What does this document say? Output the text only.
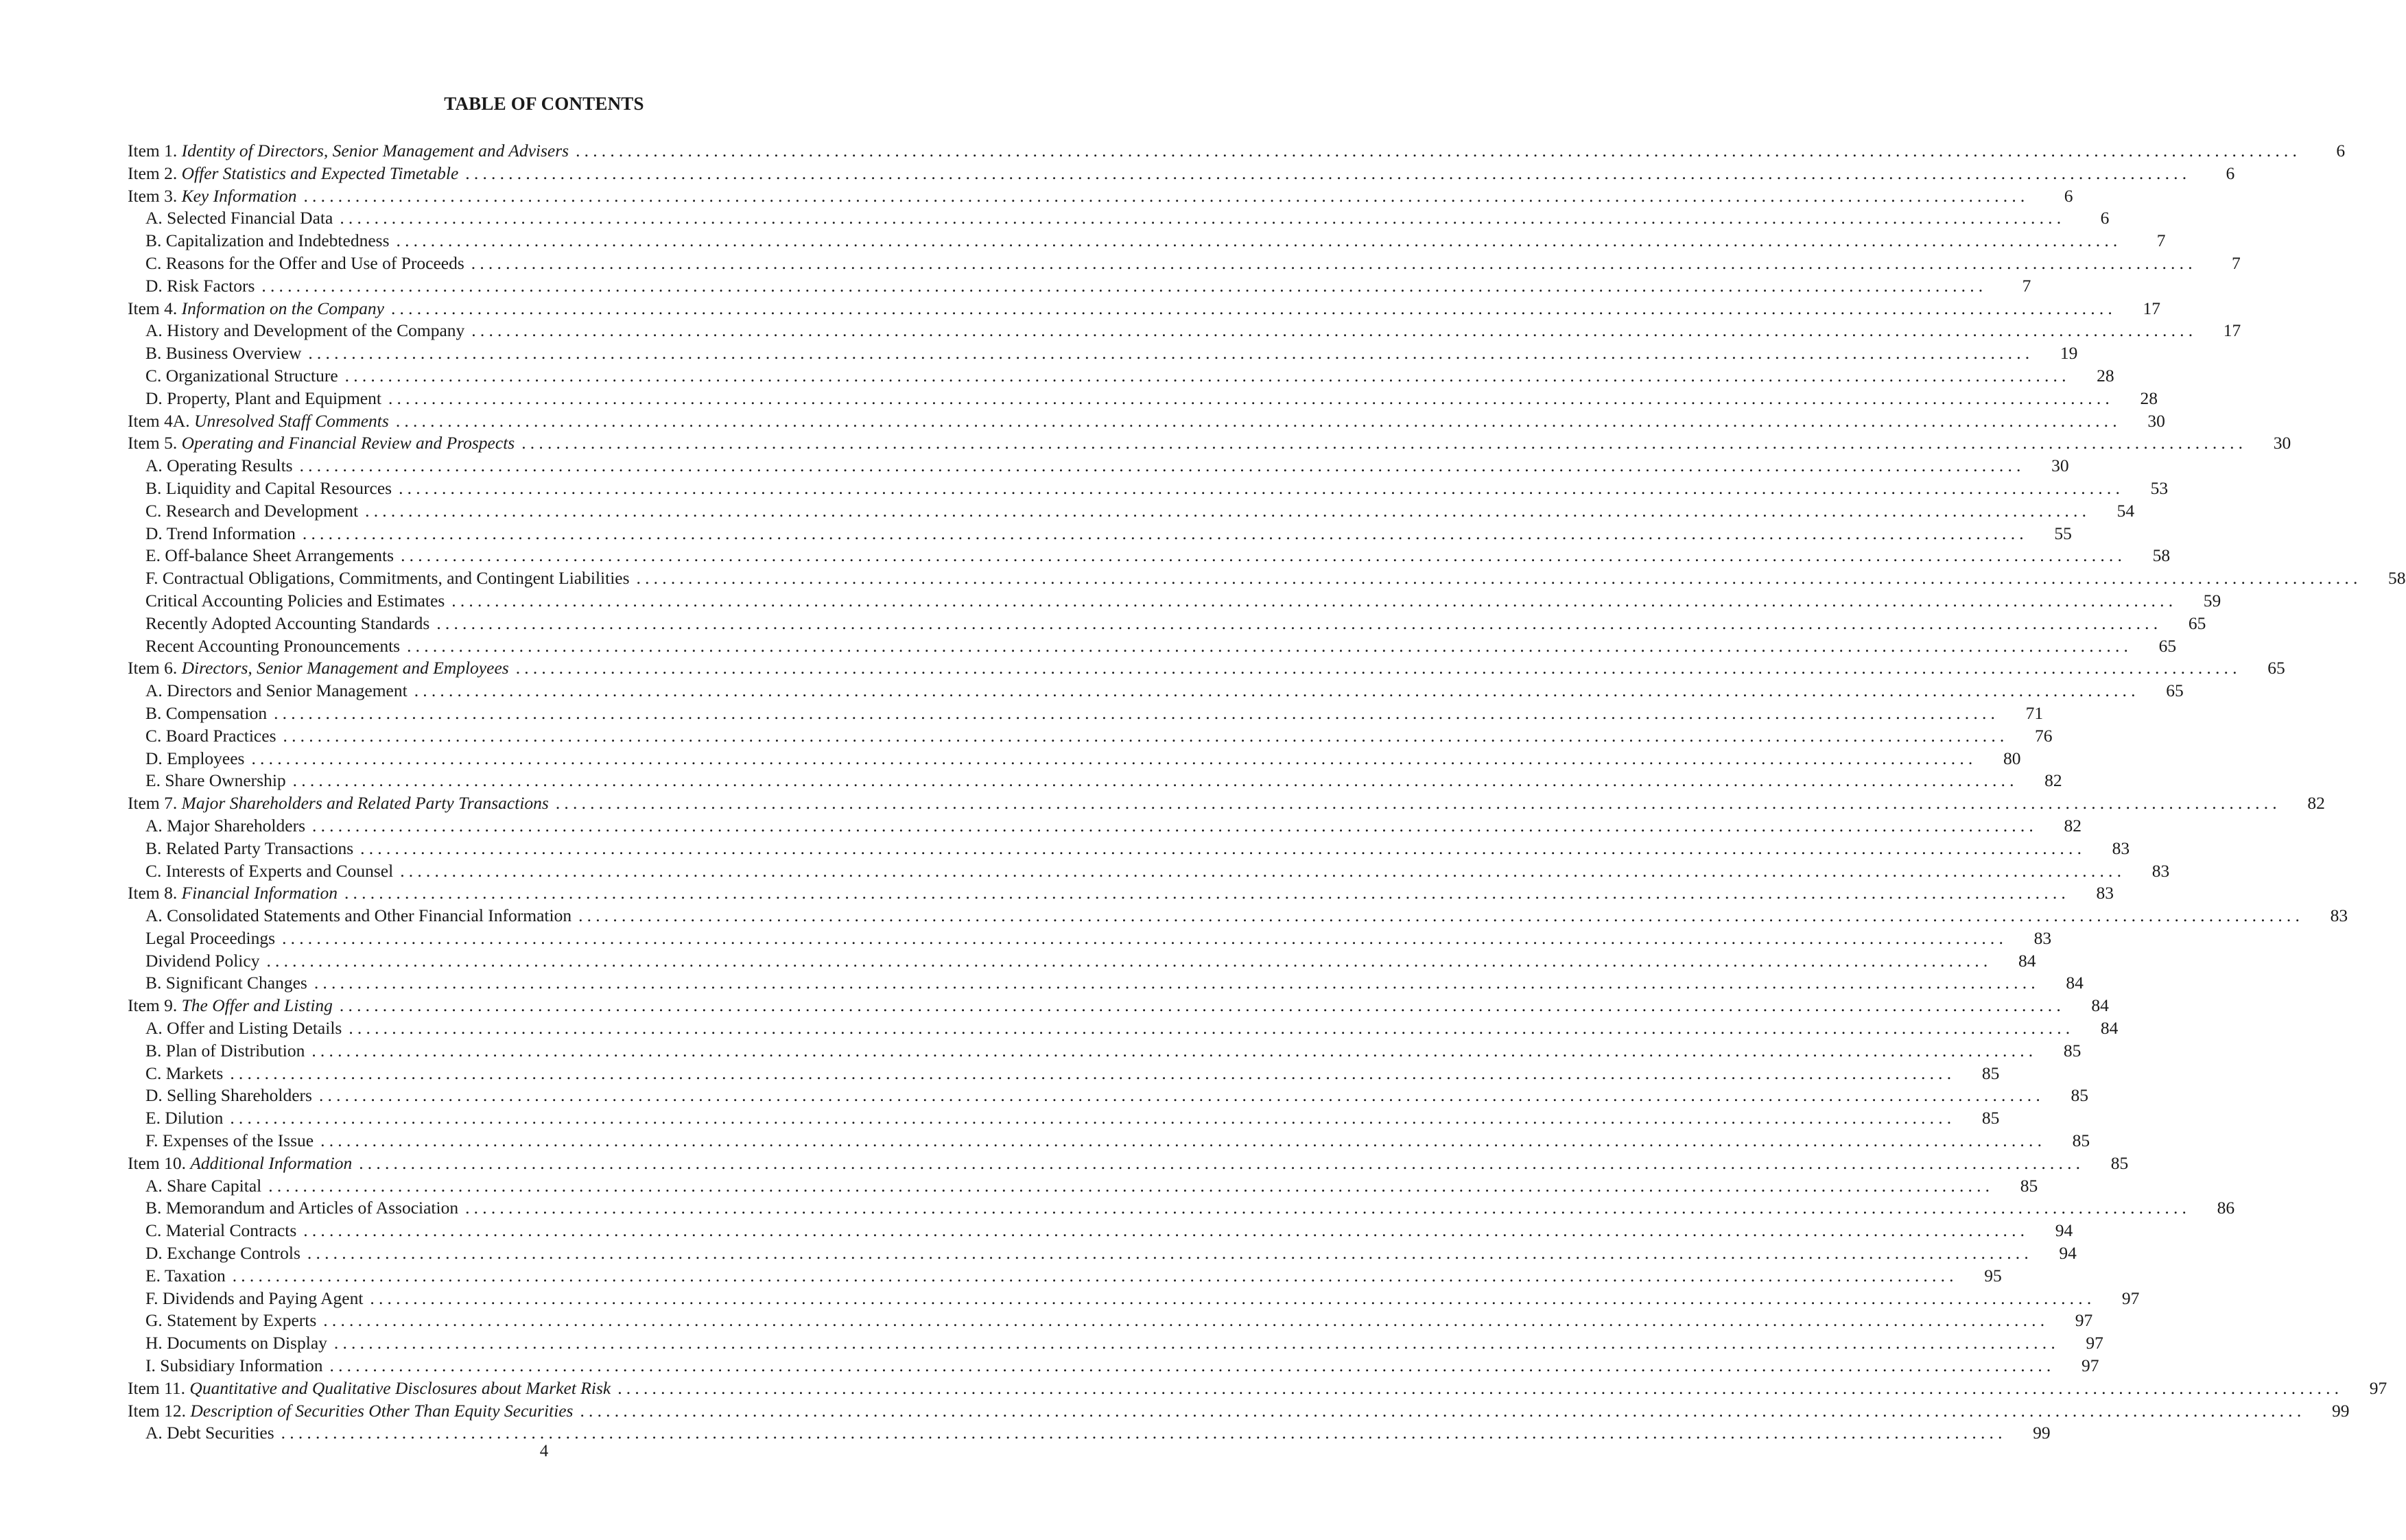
TABLE OF CONTENTS
Item 1. Identity of Directors, Senior Management and Advisers ........................................................................................................................................................................................................	6
Item 2. Offer Statistics and Expected Timetable ........................................................................................................................................................................................................	6
Item 3. Key Information ........................................................................................................................................................................................................	6
A. Selected Financial Data ........................................................................................................................................................................................................	6
B. Capitalization and Indebtedness ........................................................................................................................................................................................................	7
C. Reasons for the Offer and Use of Proceeds ........................................................................................................................................................................................................	7
D. Risk Factors ........................................................................................................................................................................................................	7
Item 4. Information on the Company ........................................................................................................................................................................................................	17
A. History and Development of the Company ........................................................................................................................................................................................................	17
B. Business Overview ........................................................................................................................................................................................................	19
C. Organizational Structure ........................................................................................................................................................................................................	28
D. Property, Plant and Equipment ........................................................................................................................................................................................................	28
Item 4A. Unresolved Staff Comments ........................................................................................................................................................................................................	30
Item 5. Operating and Financial Review and Prospects ........................................................................................................................................................................................................	30
A. Operating Results ........................................................................................................................................................................................................	30
B. Liquidity and Capital Resources ........................................................................................................................................................................................................	53
C. Research and Development ........................................................................................................................................................................................................	54
D. Trend Information ........................................................................................................................................................................................................	55
E. Off-balance Sheet Arrangements ........................................................................................................................................................................................................	58
F. Contractual Obligations, Commitments, and Contingent Liabilities ........................................................................................................................................................................................................	58
Critical Accounting Policies and Estimates ........................................................................................................................................................................................................	59
Recently Adopted Accounting Standards ........................................................................................................................................................................................................	65
Recent Accounting Pronouncements ........................................................................................................................................................................................................	65
Item 6. Directors, Senior Management and Employees ........................................................................................................................................................................................................	65
A. Directors and Senior Management ........................................................................................................................................................................................................	65
B. Compensation ........................................................................................................................................................................................................	71
C. Board Practices ........................................................................................................................................................................................................	76
D. Employees ........................................................................................................................................................................................................	80
E. Share Ownership ........................................................................................................................................................................................................	82
Item 7. Major Shareholders and Related Party Transactions ........................................................................................................................................................................................................	82
A. Major Shareholders ........................................................................................................................................................................................................	82
B. Related Party Transactions ........................................................................................................................................................................................................	83
C. Interests of Experts and Counsel ........................................................................................................................................................................................................	83
Item 8. Financial Information ........................................................................................................................................................................................................	83
A. Consolidated Statements and Other Financial Information ........................................................................................................................................................................................................	83
Legal Proceedings ........................................................................................................................................................................................................	83
Dividend Policy ........................................................................................................................................................................................................	84
B. Significant Changes ........................................................................................................................................................................................................	84
Item 9. The Offer and Listing ........................................................................................................................................................................................................	84
A. Offer and Listing Details ........................................................................................................................................................................................................	84
B. Plan of Distribution ........................................................................................................................................................................................................	85
C. Markets ........................................................................................................................................................................................................	85
D. Selling Shareholders ........................................................................................................................................................................................................	85
E. Dilution ........................................................................................................................................................................................................	85
F. Expenses of the Issue ........................................................................................................................................................................................................	85
Item 10. Additional Information ........................................................................................................................................................................................................	85
A. Share Capital ........................................................................................................................................................................................................	85
B. Memorandum and Articles of Association ........................................................................................................................................................................................................	86
C. Material Contracts ........................................................................................................................................................................................................	94
D. Exchange Controls ........................................................................................................................................................................................................	94
E. Taxation ........................................................................................................................................................................................................	95
F. Dividends and Paying Agent ........................................................................................................................................................................................................	97
G. Statement by Experts ........................................................................................................................................................................................................	97
H. Documents on Display ........................................................................................................................................................................................................	97
I. Subsidiary Information ........................................................................................................................................................................................................	97
Item 11. Quantitative and Qualitative Disclosures about Market Risk ........................................................................................................................................................................................................	97
Item 12. Description of Securities Other Than Equity Securities ........................................................................................................................................................................................................	99
A. Debt Securities ........................................................................................................................................................................................................	99
4
